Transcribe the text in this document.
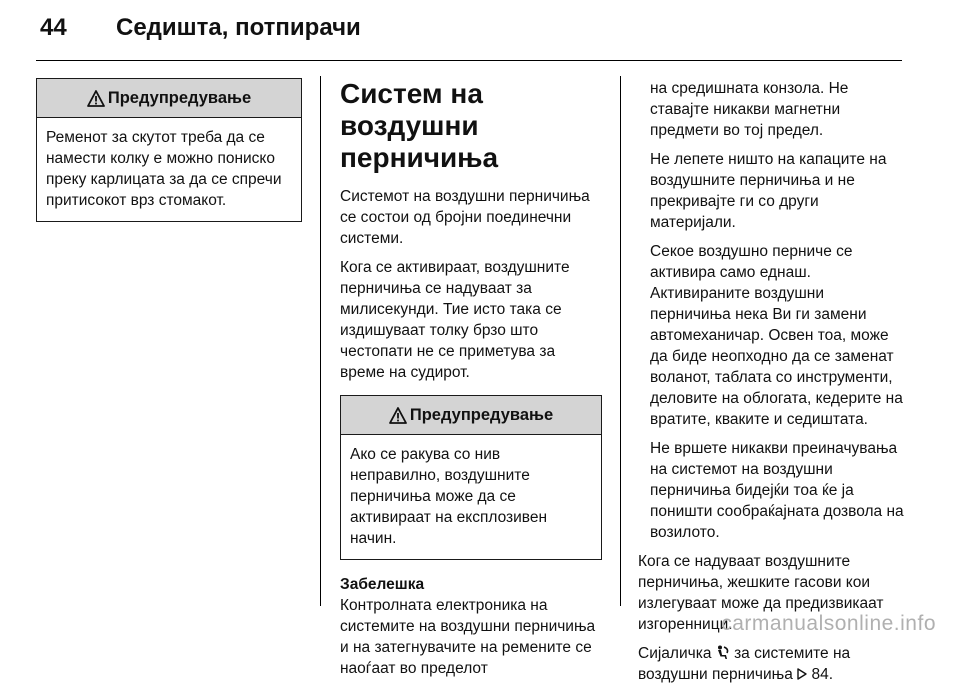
44 Седишта, потпирачи
Предупредување
Ременот за скутот треба да се намести колку е можно пониско преку карлицата за да се спречи притисокот врз стомакот.
Систем на воздушни перничиња

Системот на воздушни перничиња се состои од бројни поединечни системи.

Кога се активираат, воздушните перничиња се надуваат за милисекунди. Тие исто така се издишуваат толку брзо што честопати не се приметува за време на судирот.

Предупредување
Ако се ракува со нив неправилно, воздушните перничиња може да се активираат на експлозивен начин.
Забелешка
Контролната електроника на системите на воздушни перничиња и на затегнувачите на ремените се наоѓаат во пределот

на средишната конзола. Не ставајте никакви магнетни предмети во тој предел.

Не лепете ништо на капаците на воздушните перничиња и не прекривајте ги со други материјали.

Секое воздушно перниче се активира само еднаш. Активираните воздушни перничиња нека Ви ги замени автомеханичар. Освен тоа, може да биде неопходно да се заменат воланот, таблата со инструменти, деловите на облогата, кедерите на вратите, кваките и седиштата.

Не вршете никакви преиначувања на системот на воздушни перничиња бидејќи тоа ќе ја поништи сообраќајната дозвола на возилото.

Кога се надуваат воздушните перничиња, жешките гасови кои излегуваат може да предизвикаат изгоренници.

Сијаличка за системите на воздушни перничиња 84.

carmanualsonline.info
